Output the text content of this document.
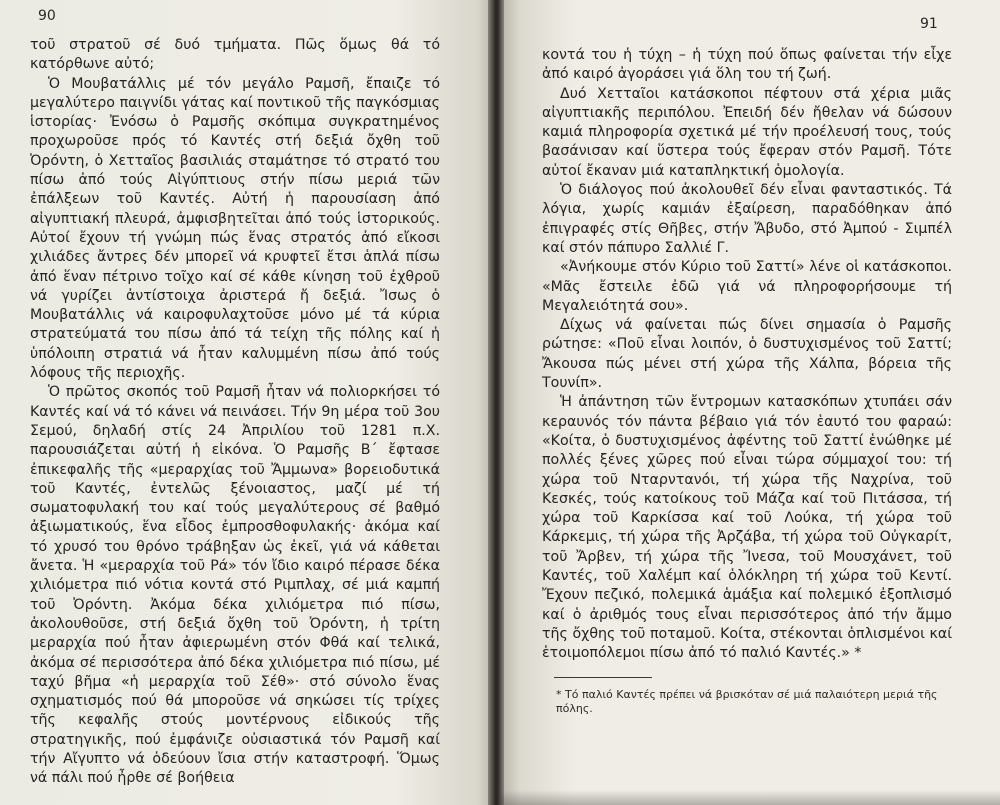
90

τοῦ στρατοῦ σέ δυό τμήματα. Πῶς ὅμως θά τό κατόρθωνε αὐτό;

Ὁ Μουβατάλλις μέ τόν μεγάλο Ραμσῆ, ἔπαιζε τό μεγαλύτερο παιγνίδι γάτας καί ποντικοῦ τῆς παγκόσμιας ἱστορίας· Ἐνόσω ὁ Ραμσῆς σκόπιμα συγκρατημένος προχωροῦσε πρός τό Καντές στή δεξιά ὄχθη τοῦ Ὀρόντη, ὁ Χετταῖος βασιλιάς σταμάτησε τό στρατό του πίσω ἀπό τούς Αἰγύπτιους στήν πίσω μεριά τῶν ἐπάλξεων τοῦ Καντές. Αὐτή ἡ παρουσίαση ἀπό αἰγυπτιακή πλευρά, ἀμφισβητεῖται ἀπό τούς ἱστορικούς. Αὐτοί ἔχουν τή γνώμη πώς ἕνας στρατός ἀπό εἴκοσι χιλιάδες ἄντρες δέν μπορεῖ νά κρυφτεῖ ἔτσι ἁπλά πίσω ἀπό ἕναν πέτρινο τοῖχο καί σέ κάθε κίνηση τοῦ ἐχθροῦ νά γυρίζει ἀντίστοιχα ἀριστερά ἤ δεξιά. Ἴσως ὁ Μουβατάλλις νά καιροφυλαχτοῦσε μόνο μέ τά κύρια στρατεύματά του πίσω ἀπό τά τείχη τῆς πόλης καί ἡ ὑπόλοιπη στρατιά νά ἦταν καλυμμένη πίσω ἀπό τούς λόφους τῆς περιοχῆς.

Ὁ πρῶτος σκοπός τοῦ Ραμσῆ ἦταν νά πολιορκήσει τό Καντές καί νά τό κάνει νά πεινάσει. Τήν 9η μέρα τοῦ 3ου Σεμού, δηλαδή στίς 24 Ἀπριλίου τοῦ 1281 π.Χ. παρουσιάζεται αὐτή ἡ εἰκόνα. Ὁ Ραμσῆς Β΄ ἔφτασε ἐπικεφαλῆς τῆς «μεραρχίας τοῦ Ἄμμωνα» βορειοδυτικά τοῦ Καντές, ἐντελῶς ξένοιαστος, μαζί μέ τή σωματοφυλακή του καί τούς μεγαλύτερους σέ βαθμό ἀξιωματικούς, ἕνα εἶδος ἐμπροσθοφυλακής· ἀκόμα καί τό χρυσό του θρόνο τράβηξαν ὡς ἐκεῖ, γιά νά κάθεται ἄνετα. Ἡ «μεραρχία τοῦ Ρά» τόν ἴδιο καιρό πέρασε δέκα χιλιόμετρα πιό νότια κοντά στό Ριμπλαχ, σέ μιά καμπή τοῦ Ὀρόντη. Ἀκόμα δέκα χιλιόμετρα πιό πίσω, ἀκολουθοῦσε, στή δεξιά ὄχθη τοῦ Ὀρόντη, ἡ τρίτη μεραρχία πού ἦταν ἀφιερωμένη στόν Φθά καί τελικά, ἀκόμα σέ περισσότερα ἀπό δέκα χιλιόμετρα πιό πίσω, μέ ταχύ βῆμα «ἡ μεραρχία τοῦ Σέθ»· στό σύνολο ἕνας σχηματισμός πού θά μποροῦσε νά σηκώσει τίς τρίχες τῆς κεφαλῆς στούς μοντέρνους εἰδικούς τῆς στρατηγικῆς, πού ἐμφάνιζε οὐσιαστικά τόν Ραμσῆ καί τήν Αἴγυπτο νά ὁδεύουν ἴσια στήν καταστροφή. Ὅμως νά πάλι πού ἦρθε σέ βοήθεια

91

κοντά του ἡ τύχη – ἡ τύχη πού ὅπως φαίνεται τήν εἶχε ἀπό καιρό ἀγοράσει γιά ὅλη του τή ζωή.

Δυό Χετταῖοι κατάσκοποι πέφτουν στά χέρια μιᾶς αἰγυπτιακῆς περιπόλου. Ἐπειδή δέν ἤθελαν νά δώσουν καμιά πληροφορία σχετικά μέ τήν προέλευσή τους, τούς βασάνισαν καί ὕστερα τούς ἔφεραν στόν Ραμσῆ. Τότε αὐτοί ἔκαναν μιά καταπληκτική ὁμολογία.

Ὁ διάλογος πού ἀκολουθεῖ δέν εἶναι φανταστικός. Τά λόγια, χωρίς καμιάν ἐξαίρεση, παραδόθηκαν ἀπό ἐπιγραφές στίς Θῆβες, στήν Ἄβυδο, στό Ἀμπού - Σιμπέλ καί στόν πάπυρο Σαλλιέ Γ.

«Ἀνήκουμε στόν Κύριο τοῦ Σαττί» λένε οἱ κατάσκοποι. «Μᾶς ἔστειλε ἐδῶ γιά νά πληροφορήσουμε τή Μεγαλειότητά σου».

Δίχως νά φαίνεται πώς δίνει σημασία ὁ Ραμσῆς ρώτησε: «Ποῦ εἶναι λοιπόν, ὁ δυστυχισμένος τοῦ Σαττί; Ἄκουσα πώς μένει στή χώρα τῆς Χάλπα, βόρεια τῆς Τουνίπ».

Ἡ ἀπάντηση τῶν ἔντρομων κατασκόπων χτυπάει σάν κεραυνός τόν πάντα βέβαιο γιά τόν ἑαυτό του φαραώ: «Κοίτα, ὁ δυστυχισμένος ἀφέντης τοῦ Σαττί ἑνώθηκε μέ πολλές ξένες χῶρες πού εἶναι τώρα σύμμαχοί του: τή χώρα τοῦ Νταρντανόι, τή χώρα τῆς Ναχρίνα, τοῦ Κεσκές, τούς κατοίκους τοῦ Μάζα καί τοῦ Πιτάσσα, τή χώρα τοῦ Καρκίσσα καί τοῦ Λούκα, τή χώρα τοῦ Κάρκεμις, τή χώρα τῆς Ἀρζάβα, τή χώρα τοῦ Οὐγκαρίτ, τοῦ Ἄρβεν, τή χώρα τῆς Ἴνεσα, τοῦ Μουσχάνετ, τοῦ Καντές, τοῦ Χαλέμπ καί ὁλόκληρη τή χώρα τοῦ Κεντί. Ἔχουν πεζικό, πολεμικά ἁμάξια καί πολεμικό ἐξοπλισμό καί ὁ ἀριθμός τους εἶναι περισσότερος ἀπό τήν ἄμμο τῆς ὄχθης τοῦ ποταμοῦ. Κοίτα, στέκονται ὁπλισμένοι καί ἑτοιμοπόλεμοι πίσω ἀπό τό παλιό Καντές.» *

* Τό παλιό Καντές πρέπει νά βρισκόταν σέ μιά παλαιότερη μεριά τῆς πόλης.
